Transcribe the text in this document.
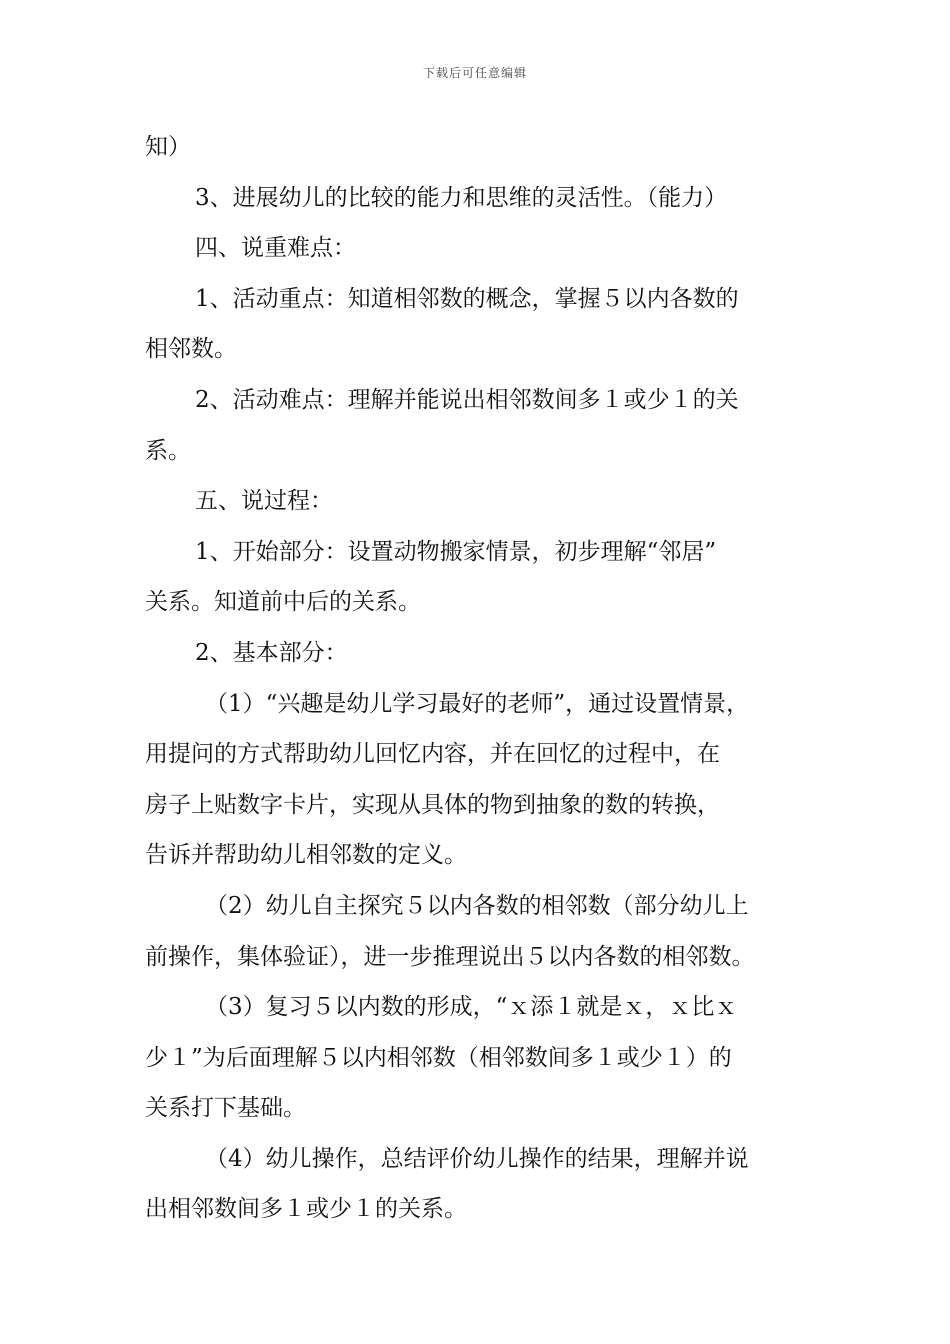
下载后可任意编辑
知）
3、进展幼儿的比较的能力和思维的灵活性。（能力）
四、说重难点：
1、活动重点：知道相邻数的概念，掌握５以内各数的
相邻数。
2、活动难点：理解并能说出相邻数间多１或少１的关
系。
五、说过程：
1、开始部分：设置动物搬家情景，初步理解“邻居”
关系。知道前中后的关系。
2、基本部分：
（1）“兴趣是幼儿学习最好的老师”，通过设置情景，
用提问的方式帮助幼儿回忆内容，并在回忆的过程中，在
房子上贴数字卡片，实现从具体的物到抽象的数的转换，
告诉并帮助幼儿相邻数的定义。
（2）幼儿自主探究５以内各数的相邻数（部分幼儿上
前操作，集体验证），进一步推理说出５以内各数的相邻数。
（3）复习５以内数的形成，“ｘ添１就是ｘ，ｘ比ｘ
少１”为后面理解５以内相邻数（相邻数间多１或少１）的
关系打下基础。
（4）幼儿操作，总结评价幼儿操作的结果，理解并说
出相邻数间多１或少１的关系。
